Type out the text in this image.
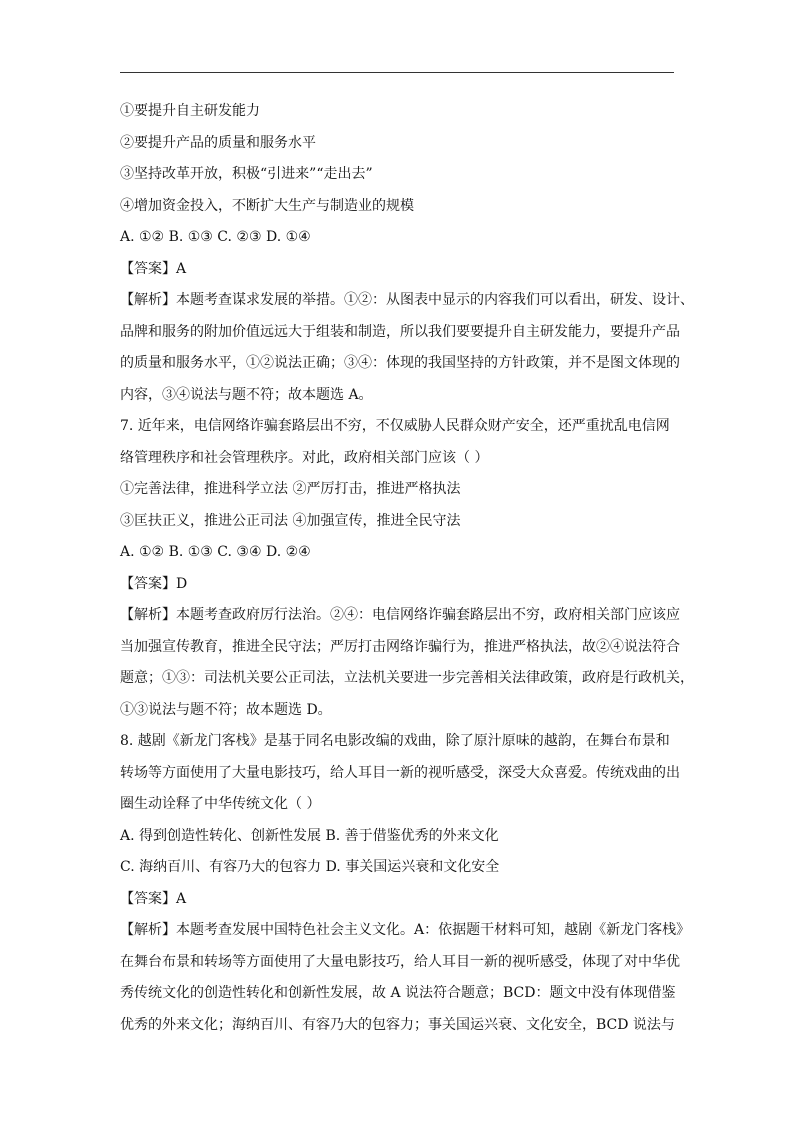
①要提升自主研发能力
②要提升产品的质量和服务水平
③坚持改革开放，积极“引进来”“走出去”
④增加资金投入，不断扩大生产与制造业的规模
A. ①② B. ①③ C. ②③ D. ①④
【答案】A
【解析】本题考查谋求发展的举措。①②：从图表中显示的内容我们可以看出，研发、设计、
品牌和服务的附加价值远远大于组装和制造，所以我们要要提升自主研发能力，要提升产品
的质量和服务水平，①②说法正确；③④：体现的我国坚持的方针政策，并不是图文体现的
内容，③④说法与题不符；故本题选 A。
7. 近年来，电信网络诈骗套路层出不穷，不仅威胁人民群众财产安全，还严重扰乱电信网
络管理秩序和社会管理秩序。对此，政府相关部门应该（ ）
①完善法律，推进科学立法 ②严厉打击，推进严格执法
③匡扶正义，推进公正司法 ④加强宣传，推进全民守法
A. ①② B. ①③ C. ③④ D. ②④
【答案】D
【解析】本题考查政府厉行法治。②④：电信网络诈骗套路层出不穷，政府相关部门应该应
当加强宣传教育，推进全民守法；严厉打击网络诈骗行为，推进严格执法，故②④说法符合
题意；①③：司法机关要公正司法，立法机关要进一步完善相关法律政策，政府是行政机关，
①③说法与题不符；故本题选 D。
8. 越剧《新龙门客栈》是基于同名电影改编的戏曲，除了原汁原味的越韵，在舞台布景和
转场等方面使用了大量电影技巧，给人耳目一新的视听感受，深受大众喜爱。传统戏曲的出
圈生动诠释了中华传统文化（ ）
A. 得到创造性转化、创新性发展 B. 善于借鉴优秀的外来文化
C. 海纳百川、有容乃大的包容力 D. 事关国运兴衰和文化安全
【答案】A
【解析】本题考查发展中国特色社会主义文化。A：依据题干材料可知，越剧《新龙门客栈》
在舞台布景和转场等方面使用了大量电影技巧，给人耳目一新的视听感受，体现了对中华优
秀传统文化的创造性转化和创新性发展，故 A 说法符合题意；BCD：题文中没有体现借鉴
优秀的外来文化；海纳百川、有容乃大的包容力；事关国运兴衰、文化安全，BCD 说法与
